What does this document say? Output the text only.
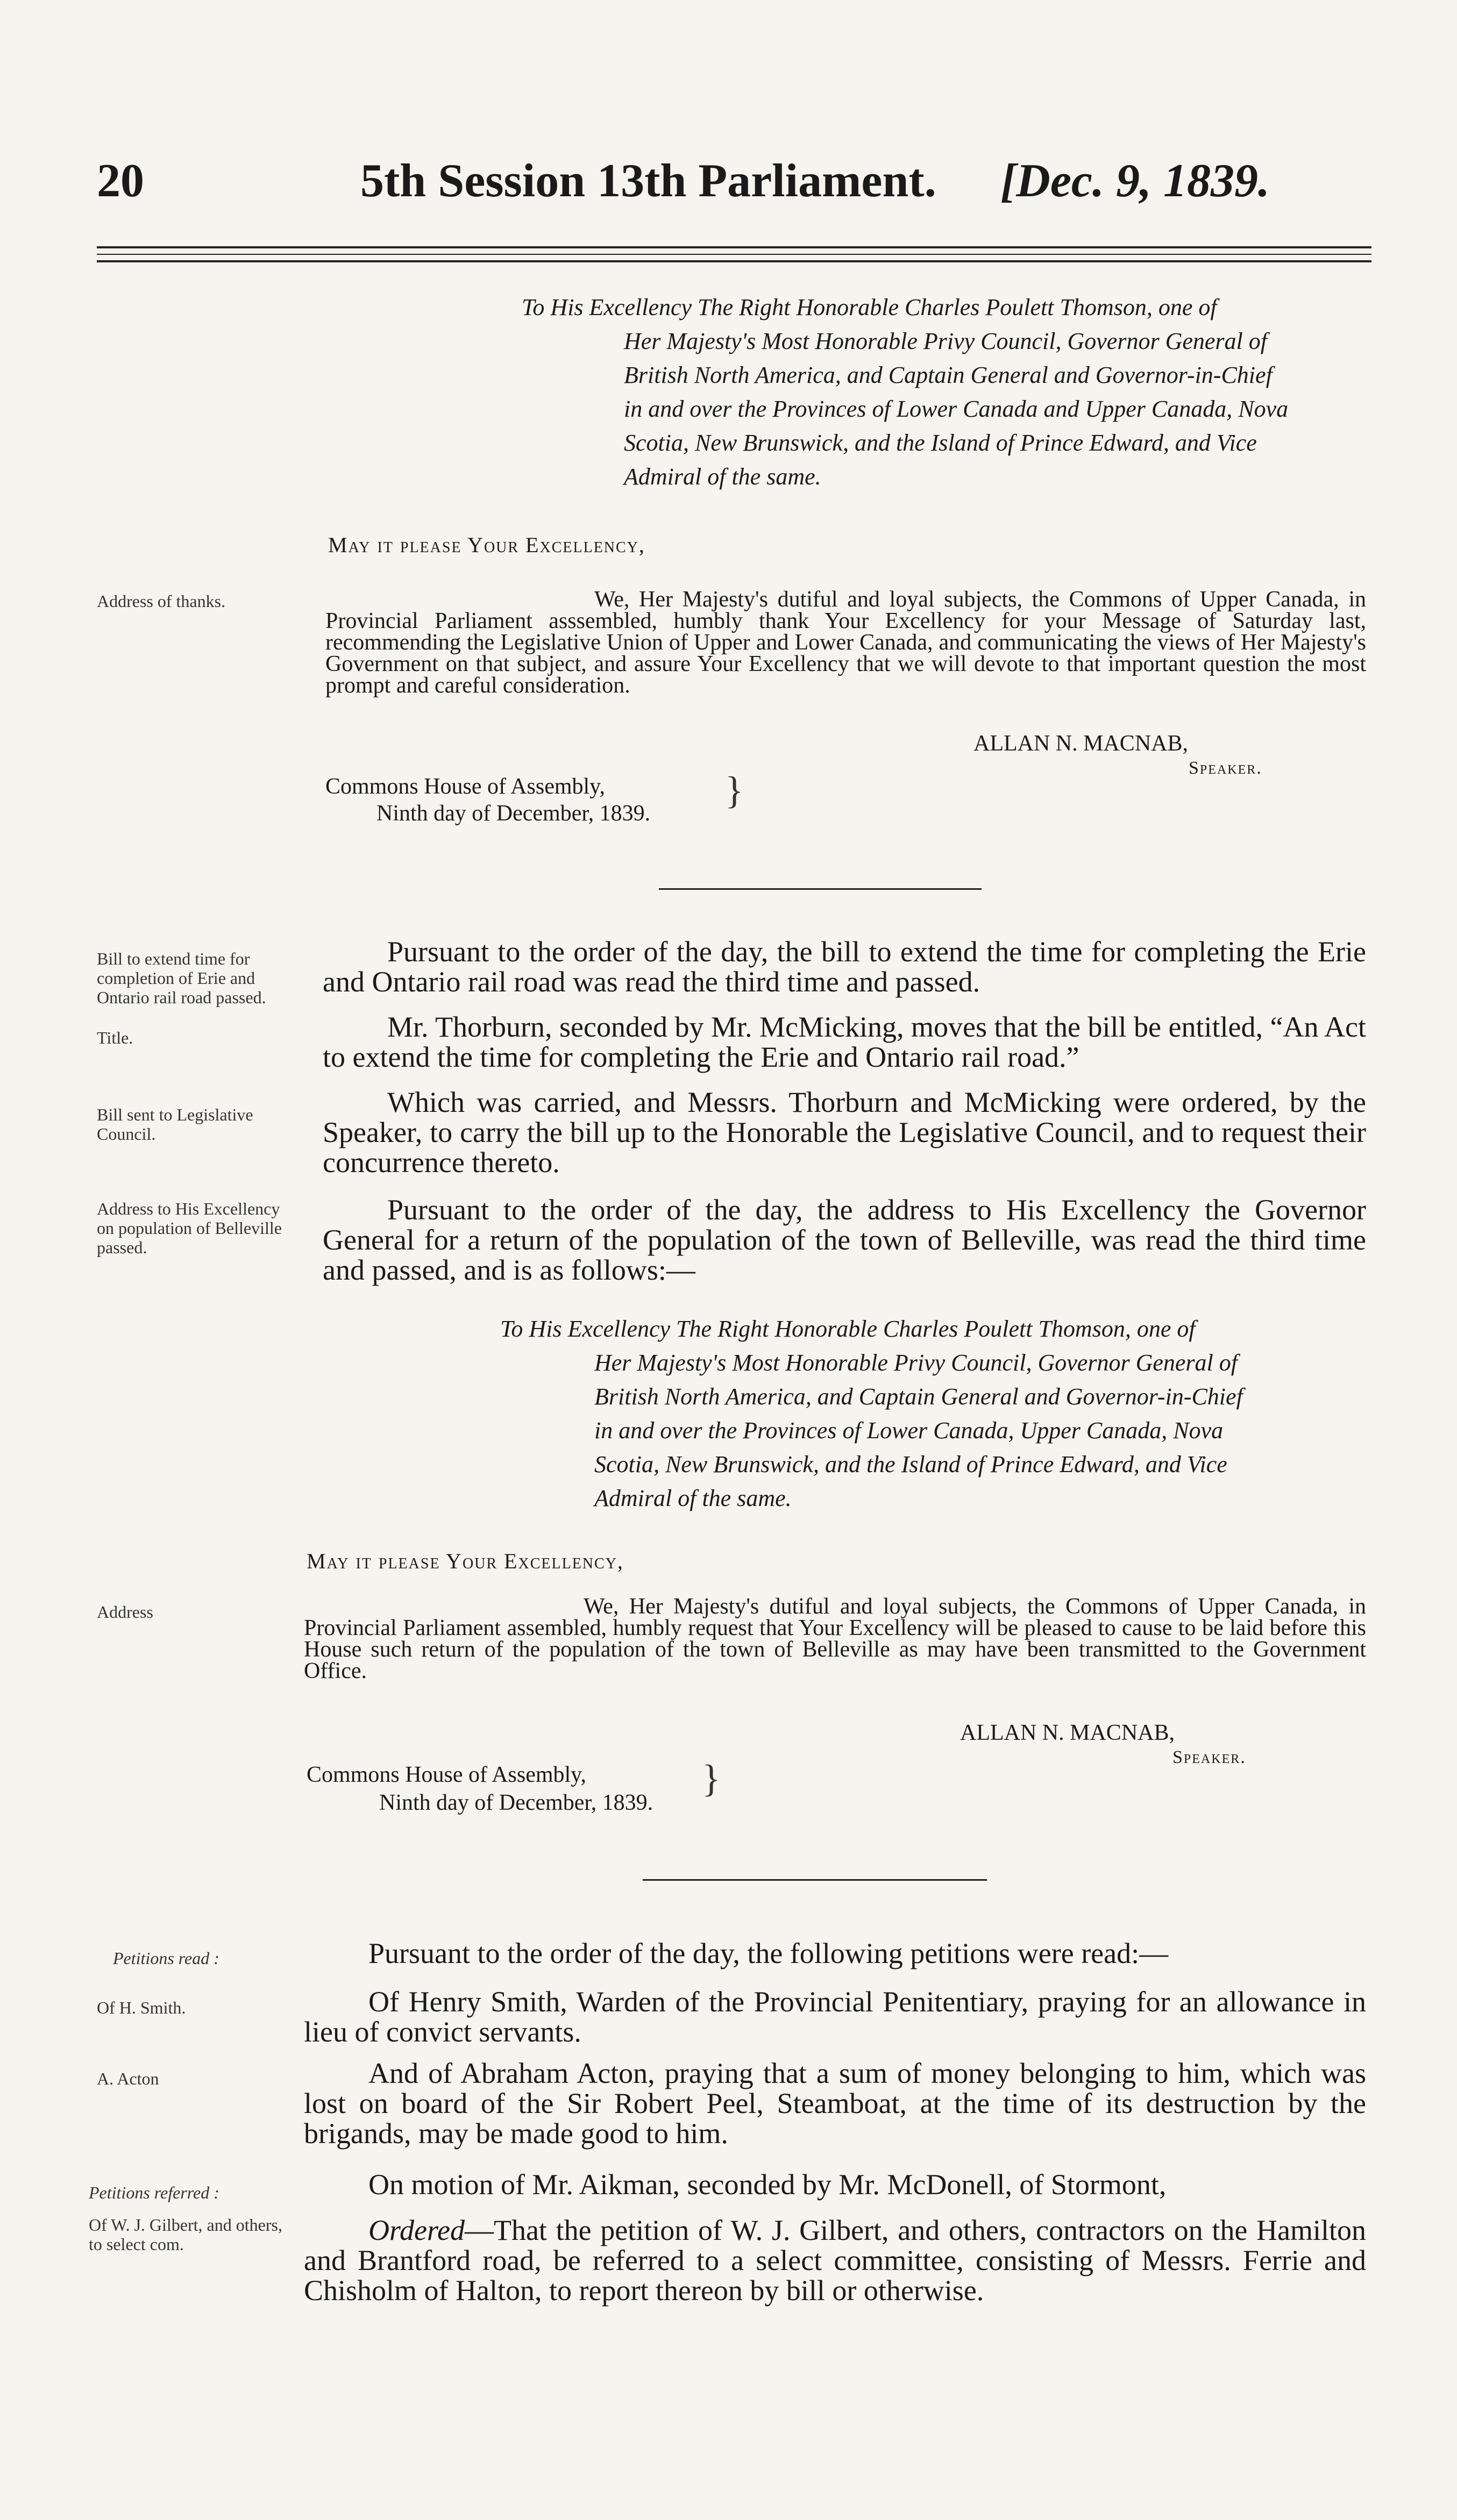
20	5th Session 13th Parliament. [Dec. 9, 1839.
To His Excellency The Right Honorable Charles Poulett Thomson, one of
Her Majesty's Most Honorable Privy Council, Governor General of
British North America, and Captain General and Governor-in-Chief
in and over the Provinces of Lower Canada and Upper Canada, Nova
Scotia, New Brunswick, and the Island of Prince Edward, and Vice
Admiral of the same.
May it please Your Excellency,
Address of thanks.	We, Her Majesty's dutiful and loyal subjects, the Commons of Upper Canada, in Provincial Parliament asssembled, humbly thank Your Excellency for your Message of Saturday last, recommending the Legislative Union of Upper and Lower Canada, and communicating the views of Her Majesty's Government on that subject, and assure Your Excellency that we will devote to that important question the most prompt and careful consideration.
ALLAN N. MACNAB,
Speaker.
Commons House of Assembly,
Ninth day of December, 1839.
}
Bill to extend time for completion of Erie and Ontario rail road passed.
Pursuant to the order of the day, the bill to extend the time for completing the Erie and Ontario rail road was read the third time and passed.
Title.	Mr. Thorburn, seconded by Mr. McMicking, moves that the bill be entitled, “An Act to extend the time for completing the Erie and Ontario rail road.”
Bill sent to Legislative Council.
Which was carried, and Messrs. Thorburn and McMicking were ordered, by the Speaker, to carry the bill up to the Honorable the Legislative Council, and to request their concurrence thereto.
Address to His Excellency on population of Belleville passed.
Pursuant to the order of the day, the address to His Excellency the Governor General for a return of the population of the town of Belleville, was read the third time and passed, and is as follows:—
To His Excellency The Right Honorable Charles Poulett Thomson, one of
Her Majesty's Most Honorable Privy Council, Governor General of
British North America, and Captain General and Governor-in-Chief
in and over the Provinces of Lower Canada, Upper Canada, Nova
Scotia, New Brunswick, and the Island of Prince Edward, and Vice
Admiral of the same.
May it please Your Excellency,
Address	We, Her Majesty's dutiful and loyal subjects, the Commons of Upper Canada, in Provincial Parliament assembled, humbly request that Your Excellency will be pleased to cause to be laid before this House such return of the population of the town of Belleville as may have been transmitted to the Government Office.
ALLAN N. MACNAB,
Speaker.
Commons House of Assembly,
Ninth day of December, 1839.
}
Petitions read :	Pursuant to the order of the day, the following petitions were read:—
Of H. Smith.	Of Henry Smith, Warden of the Provincial Penitentiary, praying for an allowance in lieu of convict servants.
A. Acton	And of Abraham Acton, praying that a sum of money belonging to him, which was lost on board of the Sir Robert Peel, Steamboat, at the time of its destruction by the brigands, may be made good to him.
Petitions referred :	On motion of Mr. Aikman, seconded by Mr. McDonell, of Stormont,
Of W. J. Gilbert, and others, to select com.	Ordered—That the petition of W. J. Gilbert, and others, contractors on the Hamilton and Brantford road, be referred to a select committee, consisting of Messrs. Ferrie and Chisholm of Halton, to report thereon by bill or otherwise.
